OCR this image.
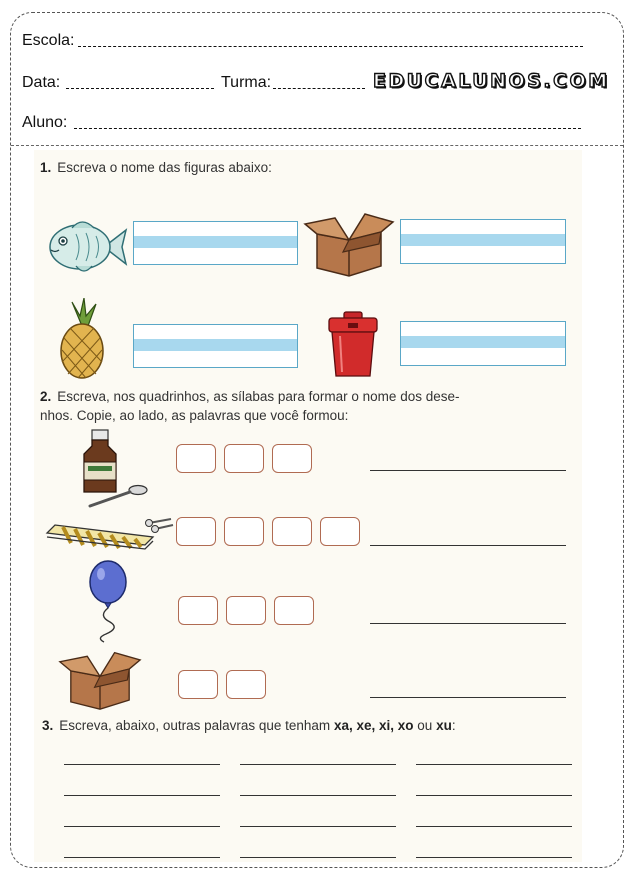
Escola:
Data:	Turma:	EDUCALUNOS.COM
Aluno:
1. Escreva o nome das figuras abaixo:
2. Escreva, nos quadrinhos, as sílabas para formar o nome dos dese-
nhos. Copie, ao lado, as palavras que você formou:
3. Escreva, abaixo, outras palavras que tenham xa, xe, xi, xo ou xu:
